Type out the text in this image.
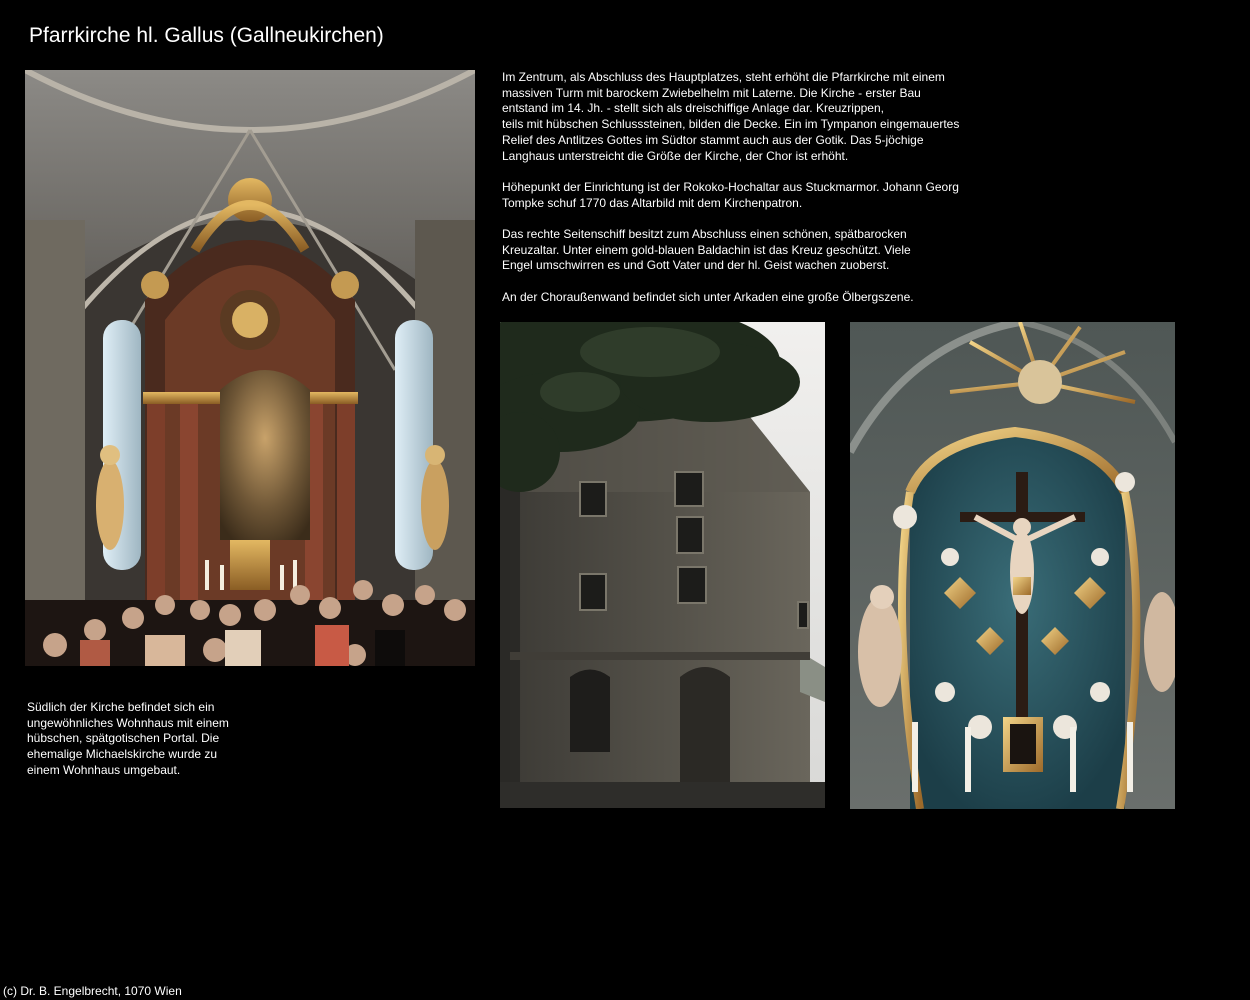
Pfarrkirche hl. Gallus (Gallneukirchen)

Im Zentrum, als Abschluss des Hauptplatzes, steht erhöht die Pfarrkirche mit einem
massiven Turm mit barockem Zwiebelhelm mit Laterne. Die Kirche - erster Bau
entstand im 14. Jh. - stellt sich als dreischiffige Anlage dar. Kreuzrippen,
teils mit hübschen Schlusssteinen, bilden die Decke. Ein im Tympanon eingemauertes
Relief des Antlitzes Gottes im Südtor stammt auch aus der Gotik. Das 5-jöchige
Langhaus unterstreicht die Größe der Kirche, der Chor ist erhöht.

Höhepunkt der Einrichtung ist der Rokoko-Hochaltar aus Stuckmarmor. Johann Georg
Tompke schuf 1770 das Altarbild mit dem Kirchenpatron.

Das rechte Seitenschiff besitzt zum Abschluss einen schönen, spätbarocken
Kreuzaltar. Unter einem gold-blauen Baldachin ist das Kreuz geschützt. Viele
Engel umschwirren es und Gott Vater und der hl. Geist wachen zuoberst.

An der Choraußenwand befindet sich unter Arkaden eine große Ölbergszene.

Südlich der Kirche befindet sich ein
ungewöhnliches Wohnhaus mit einem
hübschen, spätgotischen Portal. Die
ehemalige Michaelskirche wurde zu
einem Wohnhaus umgebaut.
(c) Dr. B. Engelbrecht, 1070 Wien
